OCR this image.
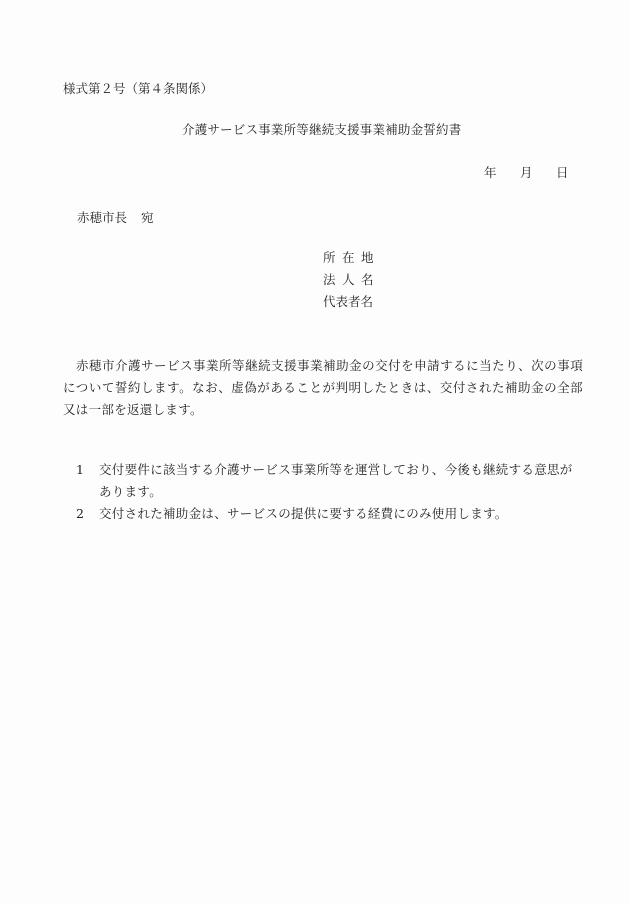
様式第２号（第４条関係）
介護サービス事業所等継続支援事業補助金誓約書
年 月 日
赤穂市長 宛
所在地
法人名
代表者名
赤穂市介護サービス事業所等継続支援事業補助金の交付を申請するに当たり、次の事項について誓約します。なお、虚偽があることが判明したときは、交付された補助金の全部又は一部を返還します。
1	交付要件に該当する介護サービス事業所等を運営しており、今後も継続する意思があります。
2	交付された補助金は、サービスの提供に要する経費にのみ使用します。
